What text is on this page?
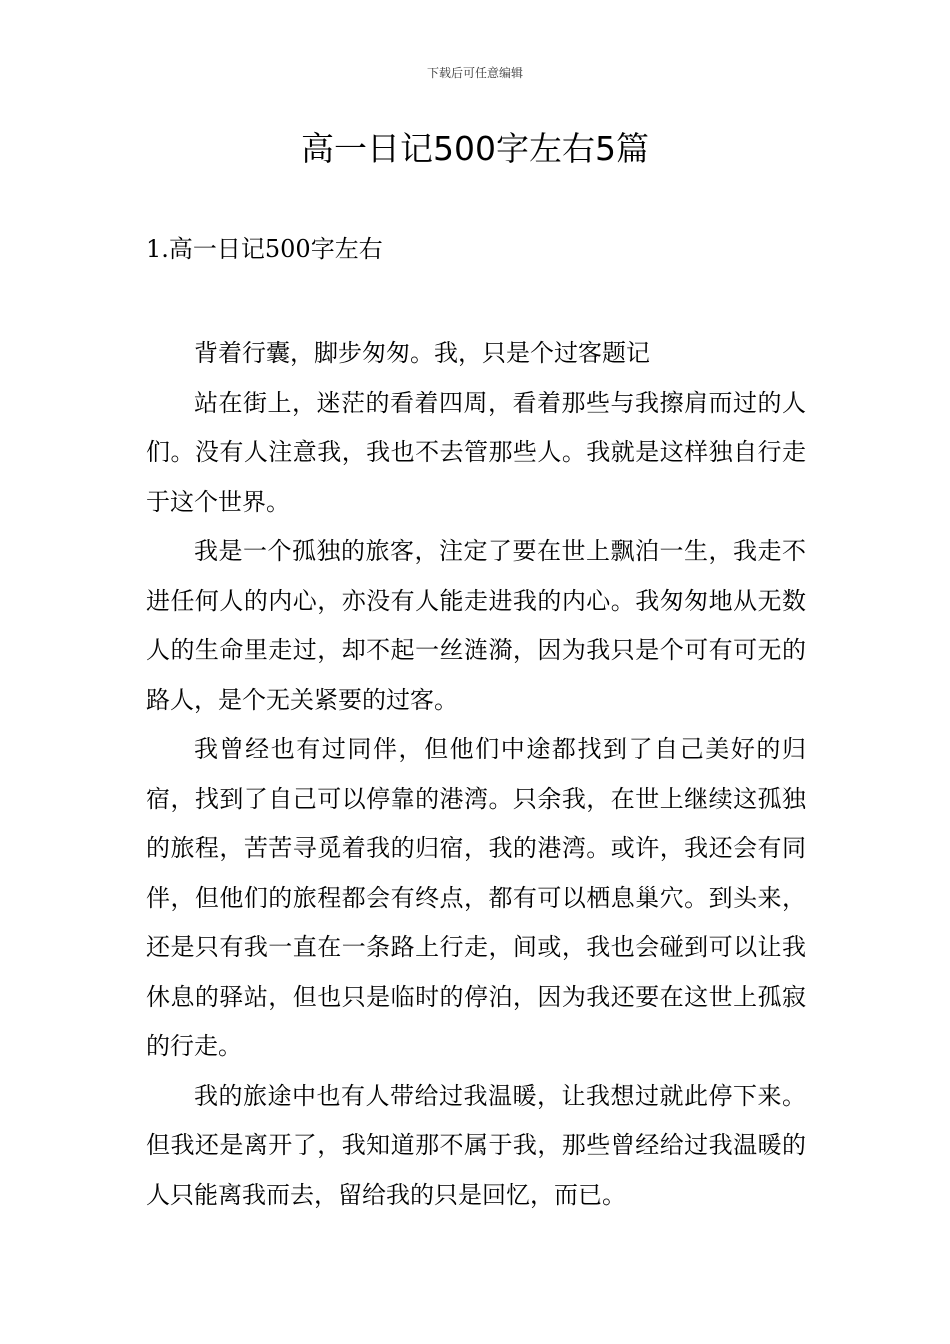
下载后可任意编辑
高一日记500字左右5篇
1.高一日记500字左右

背着行囊，脚步匆匆。我，只是个过客题记

站在街上，迷茫的看着四周，看着那些与我擦肩而过的人们。没有人注意我，我也不去管那些人。我就是这样独自行走于这个世界。

我是一个孤独的旅客，注定了要在世上飘泊一生，我走不进任何人的内心，亦没有人能走进我的内心。我匆匆地从无数人的生命里走过，却不起一丝涟漪，因为我只是个可有可无的路人，是个无关紧要的过客。

我曾经也有过同伴，但他们中途都找到了自己美好的归宿，找到了自己可以停靠的港湾。只余我，在世上继续这孤独的旅程，苦苦寻觅着我的归宿，我的港湾。或许，我还会有同伴，但他们的旅程都会有终点，都有可以栖息巢穴。到头来，还是只有我一直在一条路上行走，间或，我也会碰到可以让我休息的驿站，但也只是临时的停泊，因为我还要在这世上孤寂的行走。

我的旅途中也有人带给过我温暖，让我想过就此停下来。但我还是离开了，我知道那不属于我，那些曾经给过我温暖的人只能离我而去，留给我的只是回忆，而已。
